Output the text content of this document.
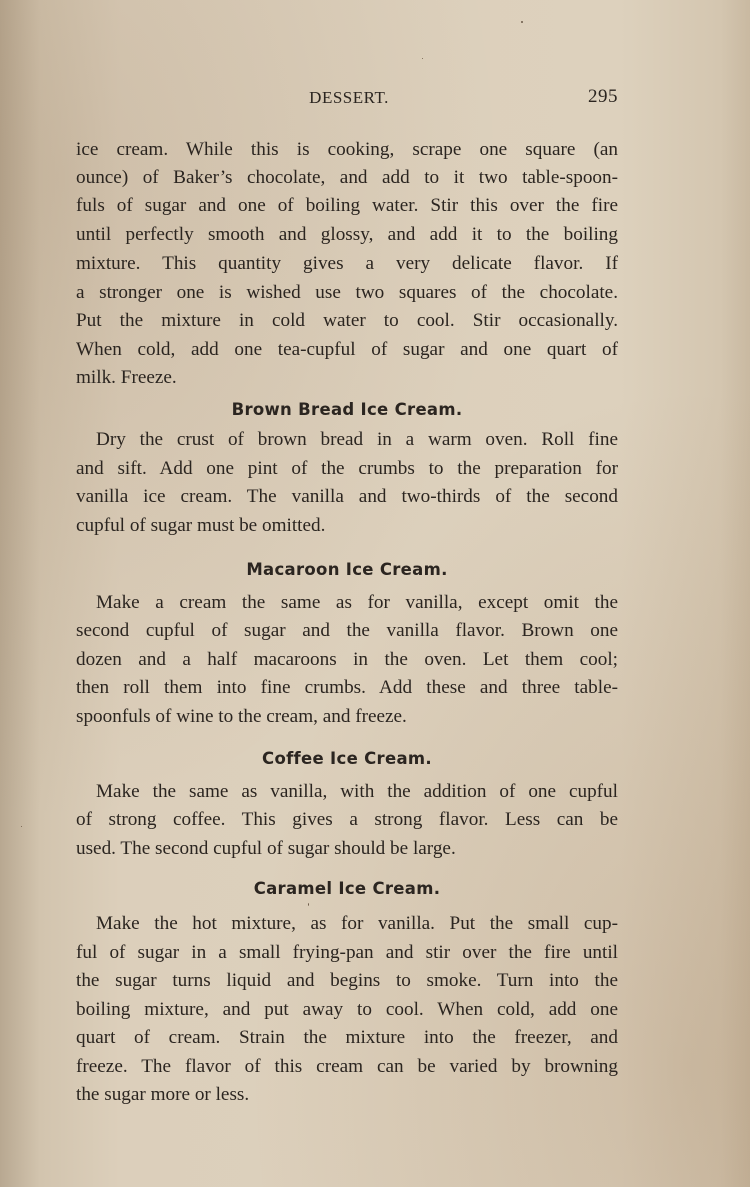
DESSERT.	295
ice cream. While this is cooking, scrape one square (an
ounce) of Baker’s chocolate, and add to it two table-spoon-
fuls of sugar and one of boiling water. Stir this over the fire
until perfectly smooth and glossy, and add it to the boiling
mixture. This quantity gives a very delicate flavor. If
a stronger one is wished use two squares of the chocolate.
Put the mixture in cold water to cool. Stir occasionally.
When cold, add one tea-cupful of sugar and one quart of
milk. Freeze.
Brown Bread Ice Cream.
Dry the crust of brown bread in a warm oven. Roll fine
and sift. Add one pint of the crumbs to the preparation for
vanilla ice cream. The vanilla and two-thirds of the second
cupful of sugar must be omitted.
Macaroon Ice Cream.
Make a cream the same as for vanilla, except omit the
second cupful of sugar and the vanilla flavor. Brown one
dozen and a half macaroons in the oven. Let them cool;
then roll them into fine crumbs. Add these and three table-
spoonfuls of wine to the cream, and freeze.
Coffee Ice Cream.
Make the same as vanilla, with the addition of one cupful
of strong coffee. This gives a strong flavor. Less can be
used. The second cupful of sugar should be large.
Caramel Ice Cream.
Make the hot mixture, as for vanilla. Put the small cup-
ful of sugar in a small frying-pan and stir over the fire until
the sugar turns liquid and begins to smoke. Turn into the
boiling mixture, and put away to cool. When cold, add one
quart of cream. Strain the mixture into the freezer, and
freeze. The flavor of this cream can be varied by browning
the sugar more or less.
